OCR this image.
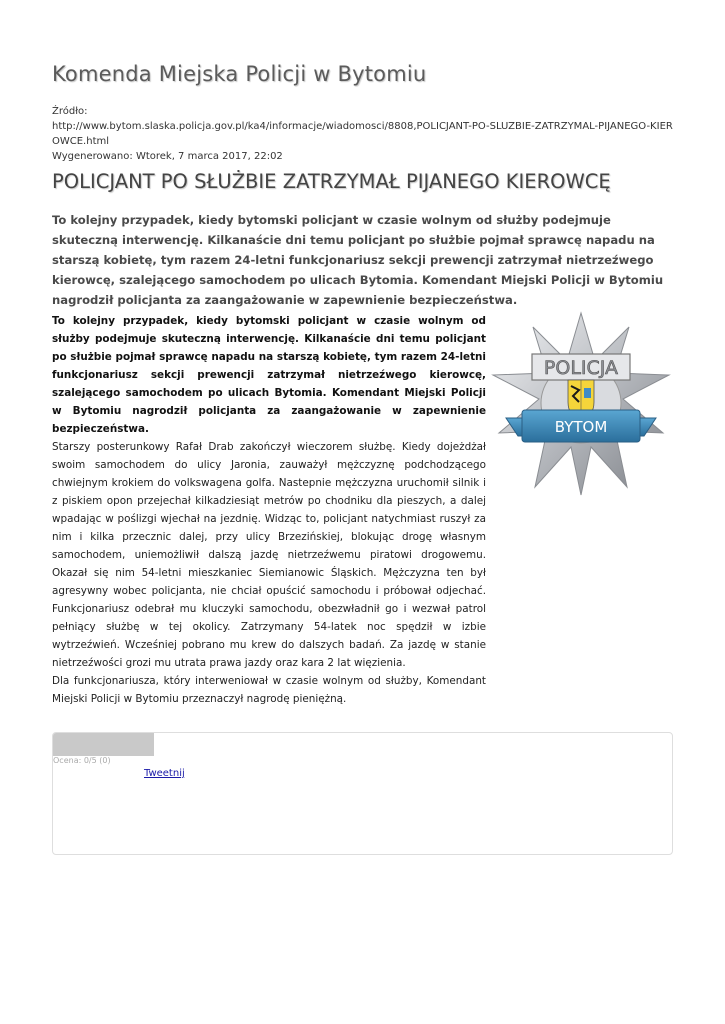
Komenda Miejska Policji w Bytomiu
Źródło:
http://www.bytom.slaska.policja.gov.pl/ka4/informacje/wiadomosci/8808,POLICJANT-PO-SLUZBIE-ZATRZYMAL-PIJANEGO-KIEROWCE.html
Wygenerowano: Wtorek, 7 marca 2017, 22:02
POLICJANT PO SŁUŻBIE ZATRZYMAŁ PIJANEGO KIEROWCĘ
To kolejny przypadek, kiedy bytomski policjant w czasie wolnym od służby podejmuje skuteczną interwencję. Kilkanaście dni temu policjant po służbie pojmał sprawcę napadu na starszą kobietę, tym razem 24-letni funkcjonariusz sekcji prewencji zatrzymał nietrzeźwego kierowcę, szalejącego samochodem po ulicach Bytomia. Komendant Miejski Policji w Bytomiu nagrodził policjanta za zaangażowanie w zapewnienie bezpieczeństwa.

To kolejny przypadek, kiedy bytomski policjant w czasie wolnym od służby podejmuje skuteczną interwencję. Kilkanaście dni temu policjant po służbie pojmał sprawcę napadu na starszą kobietę, tym razem 24-letni funkcjonariusz sekcji prewencji zatrzymał nietrzeźwego kierowcę, szalejącego samochodem po ulicach Bytomia. Komendant Miejski Policji w Bytomiu nagrodził policjanta za zaangażowanie w zapewnienie bezpieczeństwa.

Starszy posterunkowy Rafał Drab zakończył wieczorem służbę. Kiedy dojeżdżał swoim samochodem do ulicy Jaronia, zauważył mężczyznę podchodzącego chwiejnym krokiem do volkswagena golfa. Nastepnie mężczyzna uruchomił silnik i z piskiem opon przejechał kilkadziesiąt metrów po chodniku dla pieszych, a dalej wpadając w poślizgi wjechał na jezdnię. Widząc to, policjant natychmiast ruszył za nim i kilka przecznic dalej, przy ulicy Brzezińskiej, blokując drogę własnym samochodem, uniemożliwił dalszą jazdę nietrzeźwemu piratowi drogowemu. Okazał się nim 54-letni mieszkaniec Siemianowic Śląskich. Mężczyzna ten był agresywny wobec policjanta, nie chciał opuścić samochodu i próbował odjechać. Funkcjonariusz odebrał mu kluczyki samochodu, obezwładnił go i wezwał patrol pełniący służbę w tej okolicy. Zatrzymany 54-latek noc spędził w izbie wytrzeźwień. Wcześniej pobrano mu krew do dalszych badań. Za jazdę w stanie nietrzeźwości grozi mu utrata prawa jazdy oraz kara 2 lat więzienia.

Dla funkcjonariusza, który interweniował w czasie wolnym od służby, Komendant Miejski Policji w Bytomiu przeznaczył nagrodę pieniężną.

POLICJA
BYTOM
Ocena: 0/5 (0)
Tweetnij
